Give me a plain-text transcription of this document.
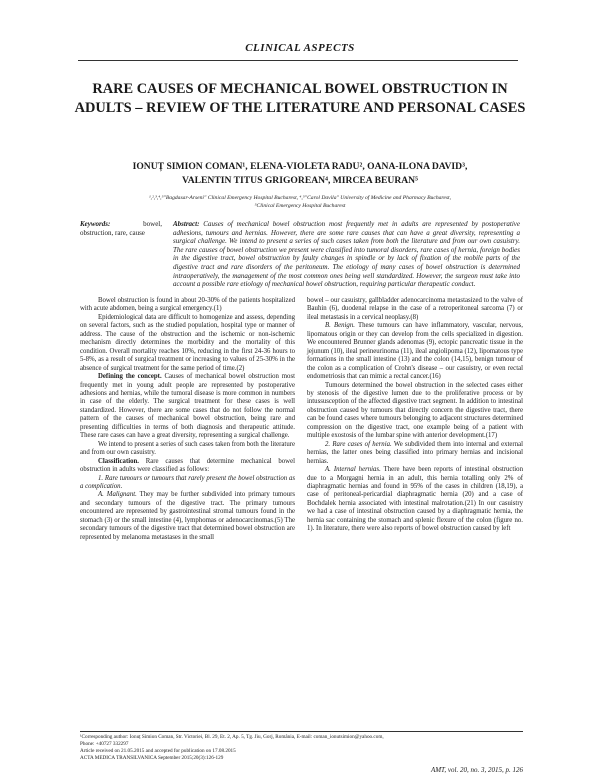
CLINICAL ASPECTS
RARE CAUSES OF MECHANICAL BOWEL OBSTRUCTION IN ADULTS – REVIEW OF THE LITERATURE AND PERSONAL CASES
IONUȚ SIMION COMAN¹, ELENA-VIOLETA RADU², OANA-ILONA DAVID³,
VALENTIN TITUS GRIGOREAN⁴, MIRCEA BEURAN⁵
¹,²,³,⁴,⁵"Bagdasar-Arseni" Clinical Emergency Hospital Bucharest, ⁴,⁵"Carol Davila" University of Medicine and Pharmacy Bucharest,
⁵Clinical Emergency Hospital Bucharest
Keywords:	bowel, obstruction, rare, cause
Abstract: Causes of mechanical bowel obstruction most frequently met in adults are represented by postoperative adhesions, tumours and hernias. However, there are some rare causes that can have a great diversity, representing a surgical challenge. We intend to present a series of such cases taken from both the literature and from our own casuistry. The rare causes of bowel obstruction we present were classified into tumoral disorders, rare cases of hernia, foreign bodies in the digestive tract, bowel obstruction by faulty changes in spindle or by lack of fixation of the mobile parts of the digestive tract and rare disorders of the peritoneum. The etiology of many cases of bowel obstruction is determined intraoperatively, the management of the most common ones being well standardized. However, the surgeon must take into account a possible rare etiology of mechanical bowel obstruction, requiring particular therapeutic conduct.

Bowel obstruction is found in about 20-30% of the patients hospitalized with acute abdomen, being a surgical emergency.(1)

Epidemiological data are difficult to homogenize and assess, depending on several factors, such as the studied population, hospital type or manner of address. The cause of the obstruction and the ischemic or non-ischemic mechanism directly determines the morbidity and the mortality of this condition. Overall mortality reaches 10%, reducing in the first 24-36 hours to 5-8%, as a result of surgical treatment or increasing to values of 25-30% in the absence of surgical treatment for the same period of time.(2)

Defining the concept. Causes of mechanical bowel obstruction most frequently met in young adult people are represented by postoperative adhesions and hernias, while the tumoral disease is more common in numbers in case of the elderly. The surgical treatment for these cases is well standardized. However, there are some cases that do not follow the normal pattern of the causes of mechanical bowel obstruction, being rare and presenting difficulties in terms of both diagnosis and therapeutic attitude. These rare cases can have a great diversity, representing a surgical challenge.

We intend to present a series of such cases taken from both the literature and from our own casuistry.

Classification. Rare causes that determine mechanical bowel obstruction in adults were classified as follows:

1. Rare tumours or tumours that rarely present the bowel obstruction as a complication.

A. Malignant. They may be further subdivided into primary tumours and secondary tumours of the digestive tract. The primary tumours encountered are represented by gastrointestinal stromal tumours found in the stomach (3) or the small intestine (4), lymphomas or adenocarcinomas.(5) The secondary tumours of the digestive tract that determined bowel obstruction are represented by melanoma metastases in the small

bowel – our casuistry, gallbladder adenocarcinoma metastasized to the valve of Bauhin (6), duodenal relapse in the case of a retroperitoneal sarcoma (7) or ileal metastasis in a cervical neoplasy.(8)

B. Benign. These tumours can have inflammatory, vascular, nervous, lipomatous origin or they can develop from the cells specialized in digestion. We encountered Brunner glands adenomas (9), ectopic pancreatic tissue in the jejunum (10), ileal perineurinoma (11), ileal angiolipoma (12), lipomatous type formations in the small intestine (13) and the colon (14,15), benign tumour of the colon as a complication of Crohn's disease – our casuistry, or even rectal endometriosis that can mimic a rectal cancer.(16)

Tumours determined the bowel obstruction in the selected cases either by stenosis of the digestive lumen due to the proliferative process or by intussusception of the affected digestive tract segment. In addition to intestinal obstruction caused by tumours that directly concern the digestive tract, there can be found cases where tumours belonging to adjacent structures determined compression on the digestive tract, one example being of a patient with multiple exostosis of the lumbar spine with anterior development.(17)

2. Rare cases of hernia. We subdivided them into internal and external hernias, the latter ones being classified into primary hernias and incisional hernias.

A. Internal hernias. There have been reports of intestinal obstruction due to a Morgagni hernia in an adult, this hernia totalling only 2% of diaphragmatic hernias and found in 95% of the cases in children (18,19), a case of peritoneal-pericardial diaphragmatic hernia (20) and a case of Bochdalek hernia associated with intestinal malrotation.(21) In our casuistry we had a case of intestinal obstruction caused by a diaphragmatic hernia, the hernia sac containing the stomach and splenic flexure of the colon (figure no. 1). In literature, there were also reports of bowel obstruction caused by left

¹Corresponding author: Ionuț Simion Coman, Str. Victoriei, Bl. 29, Et. 2, Ap. 5, Tg. Jiu, Gorj, România, E-mail: coman_ionutsimion@yahoo.com,
Phone: +40727 332297
Article received on 21.05.2015 and accepted for publication on 17.08.2015
ACTA MEDICA TRANSILVANICA September 2015;20(3):126-129
AMT, vol. 20, no. 3, 2015, p. 126
